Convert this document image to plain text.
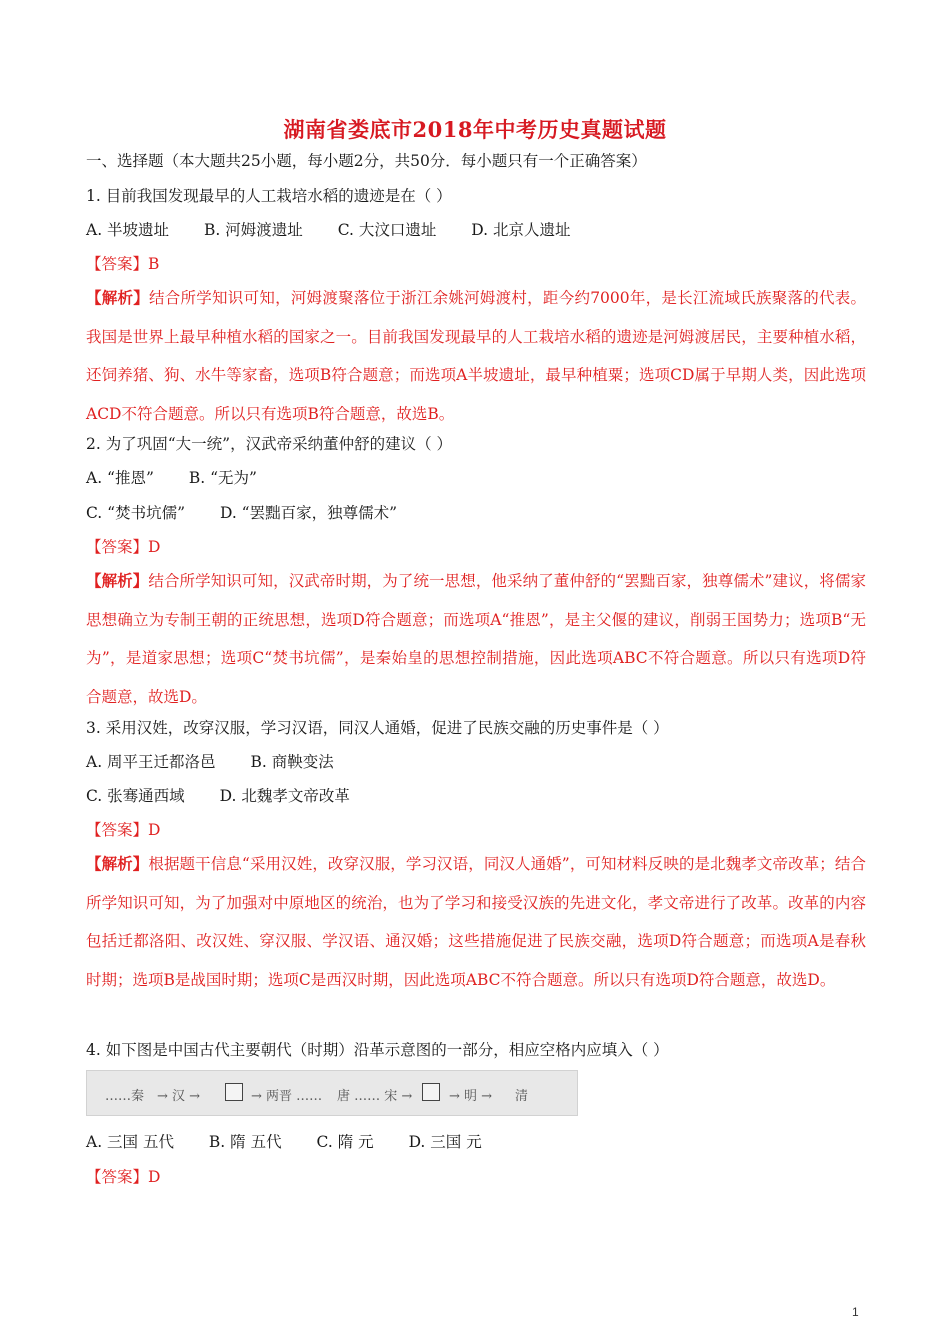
湖南省娄底市2018年中考历史真题试题
一、选择题（本大题共25小题，每小题2分，共50分．每小题只有一个正确答案）
1. 目前我国发现最早的人工栽培水稻的遗迹是在（ ）
A. 半坡遗址 B. 河姆渡遗址 C. 大汶口遗址 D. 北京人遗址
【答案】B
【解析】结合所学知识可知，河姆渡聚落位于浙江余姚河姆渡村，距今约7000年，是长江流域氏族聚落的代表。我国是世界上最早种植水稻的国家之一。目前我国发现最早的人工栽培水稻的遗迹是河姆渡居民，主要种植水稻，还饲养猪、狗、水牛等家畜，选项B符合题意；而选项A半坡遗址，最早种植粟；选项CD属于早期人类，因此选项ACD不符合题意。所以只有选项B符合题意，故选B。
2. 为了巩固“大一统”，汉武帝采纳董仲舒的建议（ ）
A. “推恩” B. “无为”
C. “焚书坑儒” D. “罢黜百家，独尊儒术”
【答案】D
【解析】结合所学知识可知，汉武帝时期，为了统一思想，他采纳了董仲舒的“罢黜百家，独尊儒术”建议，将儒家思想确立为专制王朝的正统思想，选项D符合题意；而选项A“推恩”，是主父偃的建议，削弱王国势力；选项B“无为”，是道家思想；选项C“焚书坑儒”，是秦始皇的思想控制措施，因此选项ABC不符合题意。所以只有选项D符合题意，故选D。
3. 采用汉姓，改穿汉服，学习汉语，同汉人通婚，促进了民族交融的历史事件是（ ）
A. 周平王迁都洛邑 B. 商鞅变法
C. 张骞通西域 D. 北魏孝文帝改革
【答案】D
【解析】根据题干信息“采用汉姓，改穿汉服，学习汉语，同汉人通婚”，可知材料反映的是北魏孝文帝改革；结合所学知识可知，为了加强对中原地区的统治，也为了学习和接受汉族的先进文化，孝文帝进行了改革。改革的内容包括迁都洛阳、改汉姓、穿汉服、学汉语、通汉婚；这些措施促进了民族交融，选项D符合题意；而选项A是春秋时期；选项B是战国时期；选项C是西汉时期，因此选项ABC不符合题意。所以只有选项D符合题意，故选D。
4. 如下图是中国古代主要朝代（时期）沿革示意图的一部分，相应空格内应填入（ ）
……秦 → 汉 →	→ 两晋 …… 唐 …… 宋 →	→ 明 → 清
A. 三国 五代 B. 隋 五代 C. 隋 元 D. 三国 元
【答案】D
1
